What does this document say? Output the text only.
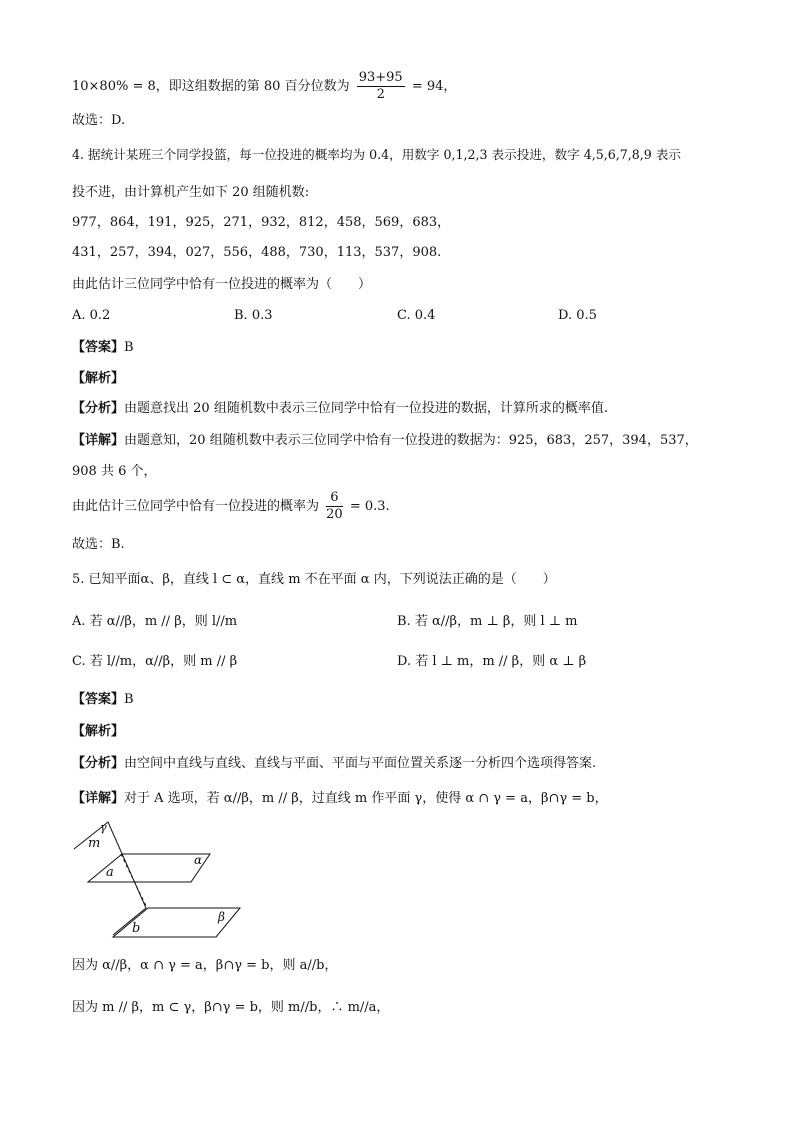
10×80% = 8，即这组数据的第 80 百分位数为 $\frac{93+95}{2} = 94$，
故选：D.
4. 据统计某班三个同学投篮，每一位投进的概率均为 0.4，用数字 0,1,2,3 表示投进，数字 4,5,6,7,8,9 表示
投不进，由计算机产生如下 20 组随机数:
977，864，191，925，271，932，812，458，569，683，
431，257，394，027，556，488，730，113，537，908.
由此估计三位同学中恰有一位投进的概率为（　　）
A. 0.2	B. 0.3	C. 0.4	D. 0.5
【答案】B
【解析】
【分析】由题意找出 20 组随机数中表示三位同学中恰有一位投进的数据，计算所求的概率值.
【详解】由题意知，20 组随机数中表示三位同学中恰有一位投进的数据为：925，683，257，394，537，
908 共 6 个，
由此估计三位同学中恰有一位投进的概率为 $\frac{6}{20} = 0.3$.
故选：B.
5. 已知平面α、β，直线 l ⊂ α，直线 m 不在平面 α 内，下列说法正确的是（　　）
A. 若 α//β，m // β，则 l//m	B. 若 α//β，m ⊥ β，则 l ⊥ m
C. 若 l//m，α//β，则 m // β	D. 若 l ⊥ m，m // β，则 α ⊥ β
【答案】B
【解析】
【分析】由空间中直线与直线、直线与平面、平面与平面位置关系逐一分析四个选项得答案.
【详解】对于 A 选项，若 α//β，m // β，过直线 m 作平面 γ，使得 α ∩ γ = a，β∩γ = b，
γ
m
α
a
β
b
因为 α//β，α ∩ γ = a，β∩γ = b，则 a//b，
因为 m // β，m ⊂ γ，β∩γ = b，则 m//b，∴ m//a，
